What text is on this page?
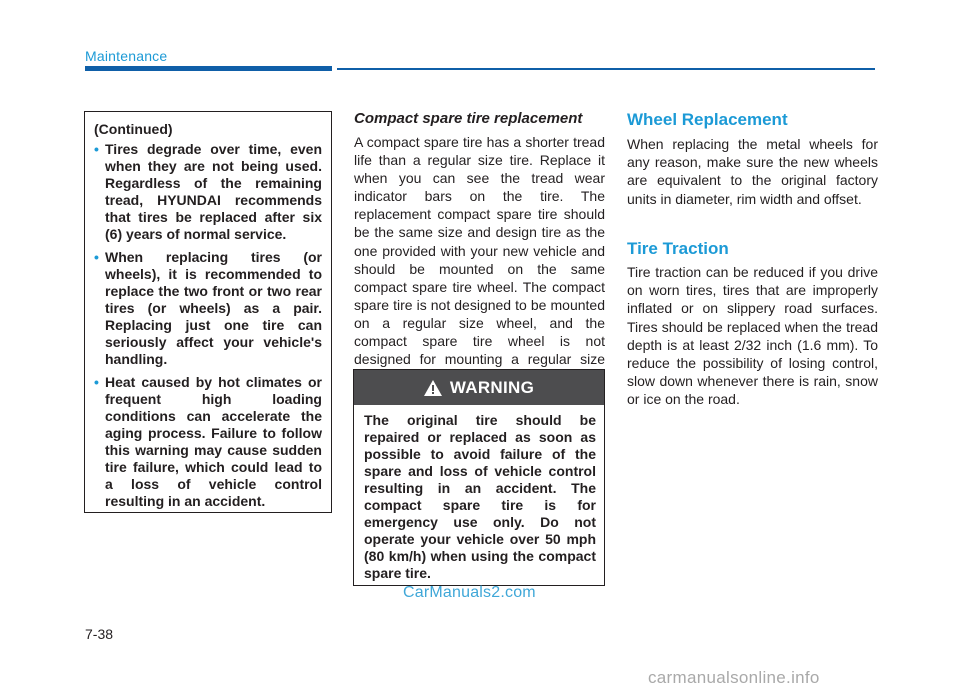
Maintenance
(Continued)
• Tires degrade over time, even when they are not being used. Regardless of the remaining tread, HYUNDAI recommends that tires be replaced after six (6) years of normal service.
• When replacing tires (or wheels), it is recommended to replace the two front or two rear tires (or wheels) as a pair. Replacing just one tire can seriously affect your vehicle's handling.
• Heat caused by hot climates or frequent high loading conditions can accelerate the aging process. Failure to follow this warning may cause sudden tire failure, which could lead to a loss of vehicle control resulting in an accident.
Compact spare tire replacement
A compact spare tire has a shorter tread life than a regular size tire. Replace it when you can see the tread wear indicator bars on the tire. The replacement compact spare tire should be the same size and design tire as the one provided with your new vehicle and should be mounted on the same compact spare tire wheel. The compact spare tire is not designed to be mounted on a regular size wheel, and the compact spare tire wheel is not designed for mounting a regular size
WARNING
The original tire should be repaired or replaced as soon as possible to avoid failure of the spare and loss of vehicle control resulting in an accident. The compact spare tire is for emergency use only. Do not operate your vehicle over 50 mph (80 km/h) when using the compact spare tire.
CarManuals2.com
Wheel Replacement
When replacing the metal wheels for any reason, make sure the new wheels are equivalent to the original factory units in diameter, rim width and offset.
Tire Traction
Tire traction can be reduced if you drive on worn tires, tires that are improperly inflated or on slippery road surfaces. Tires should be replaced when the tread depth is at least 2/32 inch (1.6 mm). To reduce the possibility of losing control, slow down whenever there is rain, snow or ice on the road.
7-38
carmanualsonline.info
